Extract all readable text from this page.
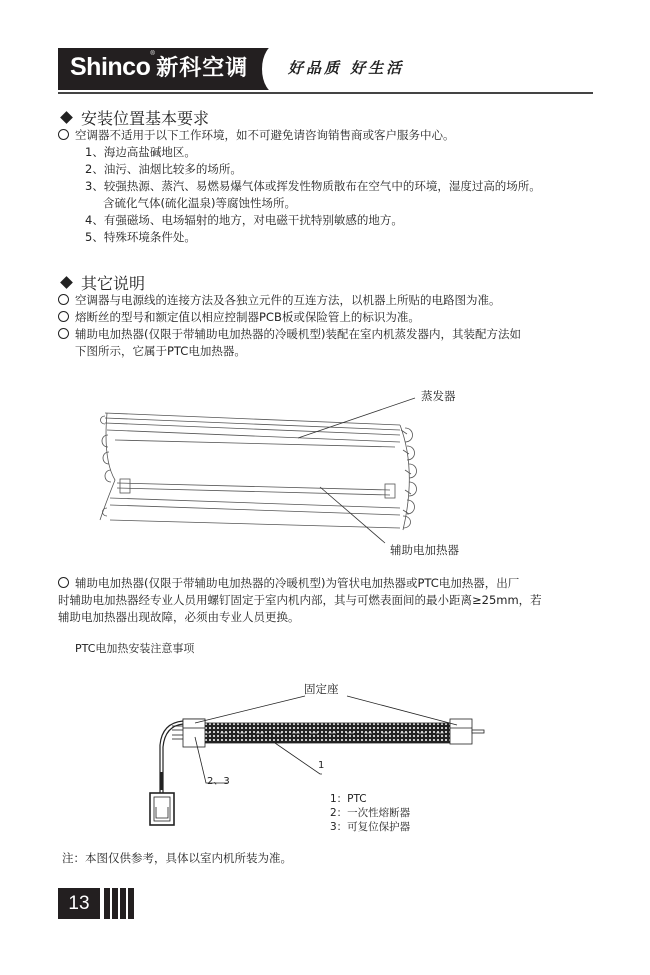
Shinco®新科空调	好品质 好生活
安装位置基本要求
空调器不适用于以下工作环境，如不可避免请咨询销售商或客户服务中心。
1、海边高盐碱地区。
2、油污、油烟比较多的场所。
3、较强热源、蒸汽、易燃易爆气体或挥发性物质散布在空气中的环境，湿度过高的场所。
含硫化气体(硫化温泉)等腐蚀性场所。
4、有强磁场、电场辐射的地方，对电磁干扰特别敏感的地方。
5、特殊环境条件处。
其它说明
空调器与电源线的连接方法及各独立元件的互连方法，以机器上所贴的电路图为准。
熔断丝的型号和额定值以相应控制器PCB板或保险管上的标识为准。
辅助电加热器(仅限于带辅助电加热器的冷暖机型)装配在室内机蒸发器内，其装配方法如
下图所示，它属于PTC电加热器。
蒸发器
辅助电加热器
辅助电加热器(仅限于带辅助电加热器的冷暖机型)为管状电加热器或PTC电加热器，出厂
时辅助电加热器经专业人员用螺钉固定于室内机内部，其与可燃表面间的最小距离≥25mm，若
辅助电加热器出现故障，必须由专业人员更换。
PTC电加热安装注意事项
固定座
1
2、3
1：PTC
2：一次性熔断器
3：可复位保护器
注：本图仅供参考，具体以室内机所装为准。
13
